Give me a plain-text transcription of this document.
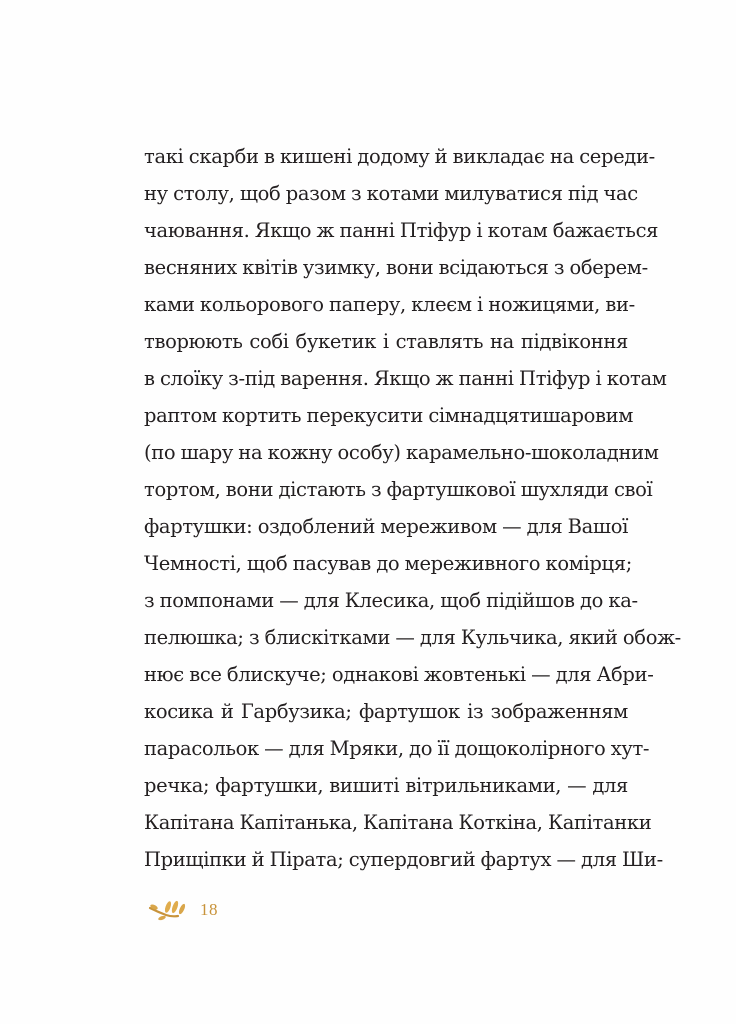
такі скарби в кишені додому й викладає на середи-
ну столу, щоб разом з котами милуватися під час
чаювання. Якщо ж панні Птіфур і котам бажається
весняних квітів узимку, вони всідаються з оберем-
ками кольорового паперу, клеєм і ножицями, ви-
творюють собі букетик і ставлять на підвіконня
в слоїку з-під варення. Якщо ж панні Птіфур і котам
раптом кортить перекусити сімнадцятишаровим
(по шару на кожну особу) карамельно-шоколадним
тортом, вони дістають з фартушкової шухляди свої
фартушки: оздоблений мереживом — для Вашої
Чемності, щоб пасував до мереживного комірця;
з помпонами — для Клесика, щоб підійшов до ка-
пелюшка; з блискітками — для Кульчика, який обож-
нює все блискуче; однакові жовтенькі — для Абри-
косика й Гарбузика; фартушок із зображенням
парасольок — для Мряки, до її дощоколірного хут-
речка; фартушки, вишиті вітрильниками, — для
Капітана Капітанька, Капітана Коткіна, Капітанки
Прищіпки й Пірата; супердовгий фартух — для Ши-
18
